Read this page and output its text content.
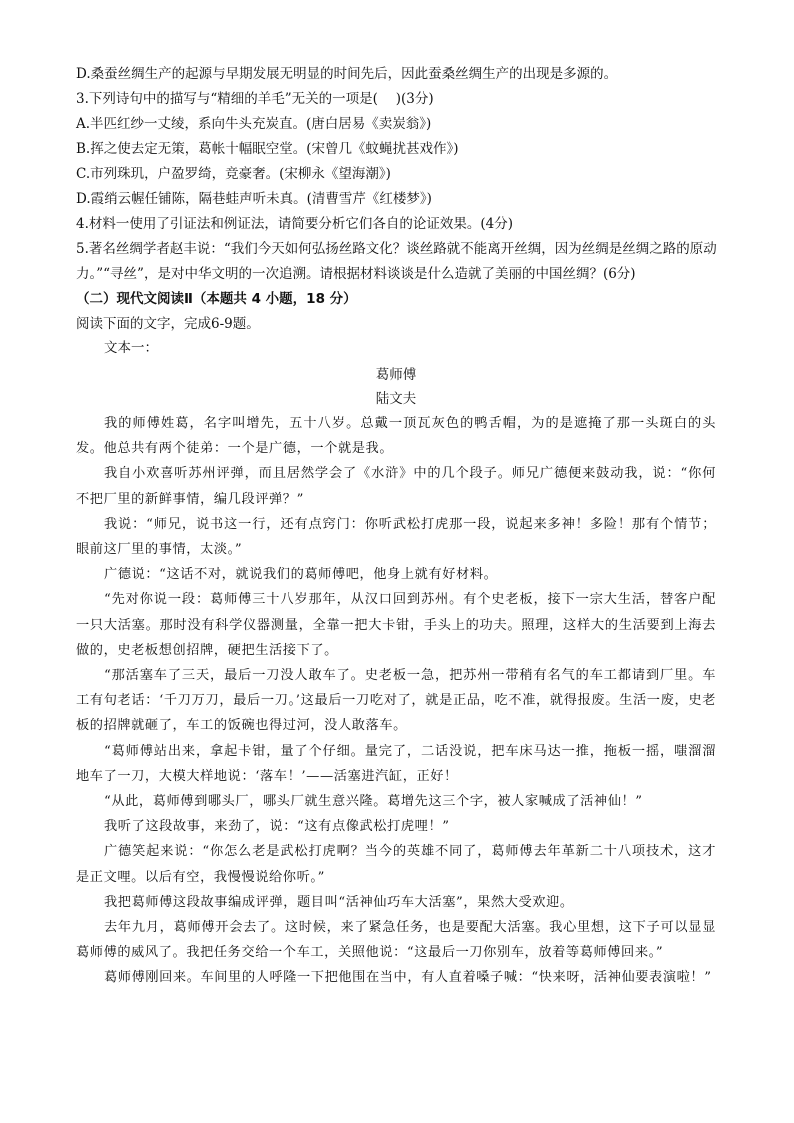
D.桑蚕丝绸生产的起源与早期发展无明显的时间先后，因此蚕桑丝绸生产的出现是多源的。

3.下列诗句中的描写与“精细的羊毛”无关的一项是(　 )(3分)

A.半匹红纱一丈绫，系向牛头充炭直。(唐白居易《卖炭翁》)

B.挥之使去定无策，葛帐十幅眠空堂。(宋曾几《蚊蝇扰甚戏作》)

C.市列珠玑，户盈罗绮，竞豪奢。(宋柳永《望海潮》)

D.霞绡云幄任铺陈，隔巷蛙声听未真。(清曹雪芹《红楼梦》)

4.材料一使用了引证法和例证法，请简要分析它们各自的论证效果。(4分)

5.著名丝绸学者赵丰说：“我们今天如何弘扬丝路文化？谈丝路就不能离开丝绸，因为丝绸是丝绸之路的原动力。”“寻丝”，是对中华文明的一次追溯。请根据材料谈谈是什么造就了美丽的中国丝绸？(6分)

（二）现代文阅读Ⅱ（本题共 4 小题，18 分）

阅读下面的文字，完成6-9题。

文本一：

葛师傅

陆文夫

我的师傅姓葛，名字叫增先，五十八岁。总戴一顶瓦灰色的鸭舌帽，为的是遮掩了那一头斑白的头发。他总共有两个徒弟：一个是广德，一个就是我。

我自小欢喜听苏州评弹，而且居然学会了《水浒》中的几个段子。师兄广德便来鼓动我，说：“你何不把厂里的新鲜事情，编几段评弹？”

我说：“师兄，说书这一行，还有点窍门：你听武松打虎那一段，说起来多神！多险！那有个情节；眼前这厂里的事情，太淡。”

广德说：“这话不对，就说我们的葛师傅吧，他身上就有好材料。

“先对你说一段：葛师傅三十八岁那年，从汉口回到苏州。有个史老板，接下一宗大生活，替客户配一只大活塞。那时没有科学仪器测量，全靠一把大卡钳，手头上的功夫。照理，这样大的生活要到上海去做的，史老板想创招牌，硬把生活接下了。

“那活塞车了三天，最后一刀没人敢车了。史老板一急，把苏州一带稍有名气的车工都请到厂里。车工有句老话：‘千刀万刀，最后一刀。’这最后一刀吃对了，就是正品，吃不准，就得报废。生活一废，史老板的招牌就砸了，车工的饭碗也得过河，没人敢落车。

“葛师傅站出来，拿起卡钳，量了个仔细。量完了，二话没说，把车床马达一推，拖板一摇，嗤溜溜地车了一刀，大模大样地说：‘落车！’——活塞进汽缸，正好！

“从此，葛师傅到哪头厂，哪头厂就生意兴隆。葛增先这三个字，被人家喊成了活神仙！”

我听了这段故事，来劲了，说：“这有点像武松打虎哩！”

广德笑起来说：“你怎么老是武松打虎啊？当今的英雄不同了，葛师傅去年革新二十八项技术，这才是正文哩。以后有空，我慢慢说给你听。”

我把葛师傅这段故事编成评弹，题目叫“活神仙巧车大活塞”，果然大受欢迎。

去年九月，葛师傅开会去了。这时候，来了紧急任务，也是要配大活塞。我心里想，这下子可以显显葛师傅的威风了。我把任务交给一个车工，关照他说：“这最后一刀你别车，放着等葛师傅回来。”

葛师傅刚回来。车间里的人呼隆一下把他围在当中，有人直着嗓子喊：“快来呀，活神仙要表演啦！”
